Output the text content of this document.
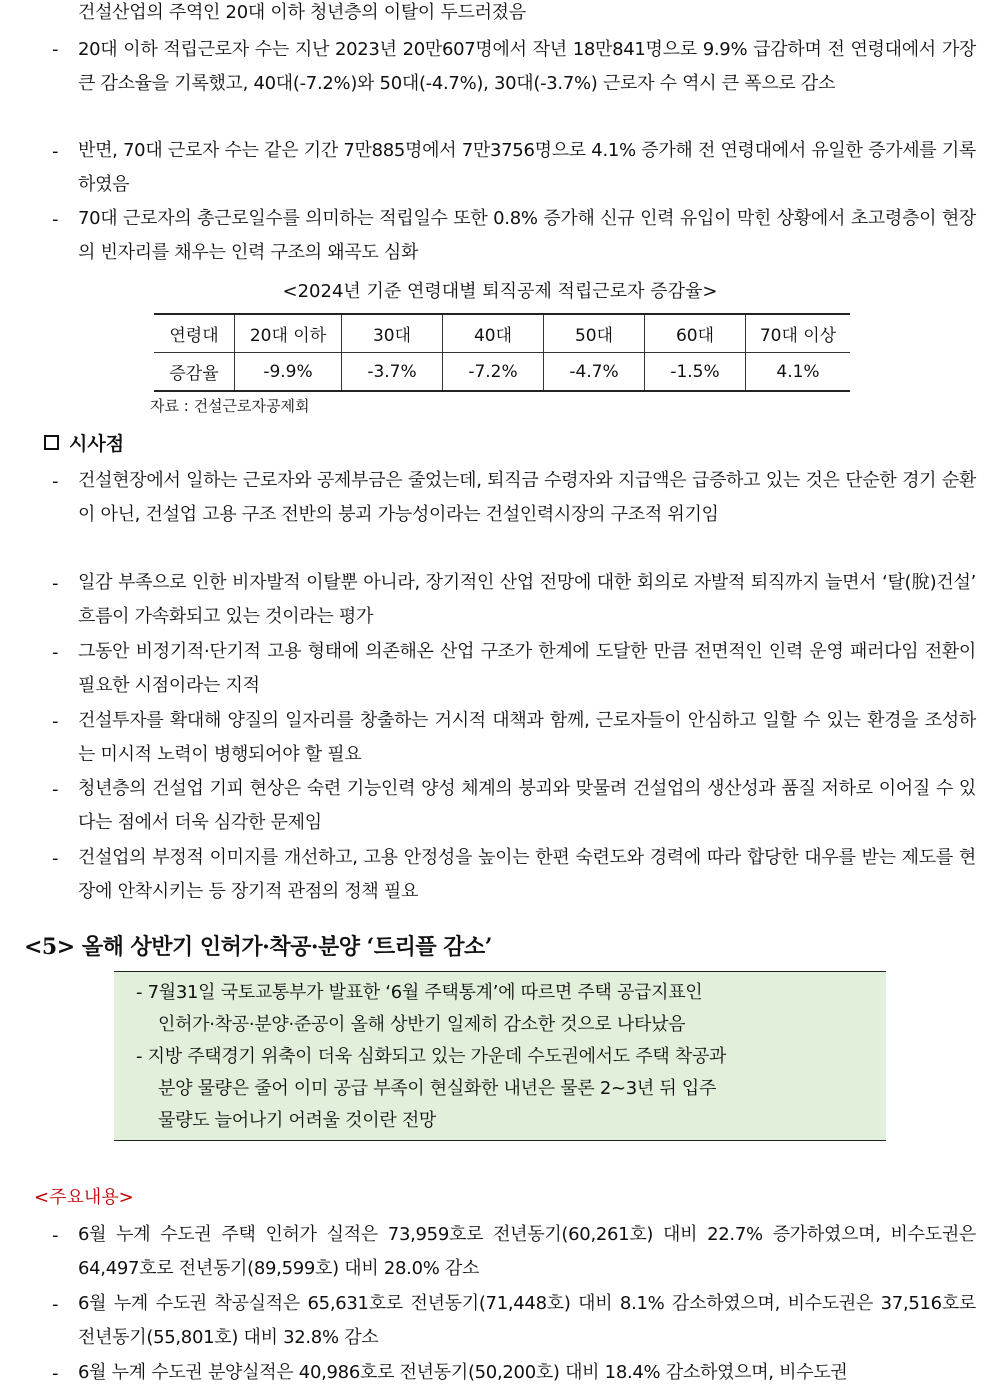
건설산업의 주역인 20대 이하 청년층의 이탈이 두드러졌음
- 20대 이하 적립근로자 수는 지난 2023년 20만607명에서 작년 18만841명으로 9.9% 급감하며 전 연령대에서 가장 큰 감소율을 기록했고, 40대(-7.2%)와 50대(-4.7%), 30대(-3.7%) 근로자 수 역시 큰 폭으로 감소
- 반면, 70대 근로자 수는 같은 기간 7만885명에서 7만3756명으로 4.1% 증가해 전 연령대에서 유일한 증가세를 기록하였음
- 70대 근로자의 총근로일수를 의미하는 적립일수 또한 0.8% 증가해 신규 인력 유입이 막힌 상황에서 초고령층이 현장의 빈자리를 채우는 인력 구조의 왜곡도 심화
<2024년 기준 연령대별 퇴직공제 적립근로자 증감율>
연령대	20대 이하	30대	40대	50대	60대	70대 이상
증감율	-9.9%	-3.7%	-7.2%	-4.7%	-1.5%	4.1%
자료 : 건설근로자공제회
시사점
- 건설현장에서 일하는 근로자와 공제부금은 줄었는데, 퇴직금 수령자와 지급액은 급증하고 있는 것은 단순한 경기 순환이 아닌, 건설업 고용 구조 전반의 붕괴 가능성이라는 건설인력시장의 구조적 위기임
- 일감 부족으로 인한 비자발적 이탈뿐 아니라, 장기적인 산업 전망에 대한 회의로 자발적 퇴직까지 늘면서 ‘탈(脫)건설’ 흐름이 가속화되고 있는 것이라는 평가
- 그동안 비정기적·단기적 고용 형태에 의존해온 산업 구조가 한계에 도달한 만큼 전면적인 인력 운영 패러다임 전환이 필요한 시점이라는 지적
- 건설투자를 확대해 양질의 일자리를 창출하는 거시적 대책과 함께, 근로자들이 안심하고 일할 수 있는 환경을 조성하는 미시적 노력이 병행되어야 할 필요
- 청년층의 건설업 기피 현상은 숙련 기능인력 양성 체계의 붕괴와 맞물려 건설업의 생산성과 품질 저하로 이어질 수 있다는 점에서 더욱 심각한 문제임
- 건설업의 부정적 이미지를 개선하고, 고용 안정성을 높이는 한편 숙련도와 경력에 따라 합당한 대우를 받는 제도를 현장에 안착시키는 등 장기적 관점의 정책 필요
<5> 올해 상반기 인허가·착공·분양 ‘트리플 감소’
- 7월31일 국토교통부가 발표한 ‘6월 주택통계’에 따르면 주택 공급지표인
인허가·착공·분양·준공이 올해 상반기 일제히 감소한 것으로 나타났음
- 지방 주택경기 위축이 더욱 심화되고 있는 가운데 수도권에서도 주택 착공과
분양 물량은 줄어 이미 공급 부족이 현실화한 내년은 물론 2~3년 뒤 입주
물량도 늘어나기 어려울 것이란 전망
<주요내용>
- 6월 누계 수도권 주택 인허가 실적은 73,959호로 전년동기(60,261호) 대비 22.7% 증가하였으며, 비수도권은 64,497호로 전년동기(89,599호) 대비 28.0% 감소
- 6월 누계 수도권 착공실적은 65,631호로 전년동기(71,448호) 대비 8.1% 감소하였으며, 비수도권은 37,516호로 전년동기(55,801호) 대비 32.8% 감소
- 6월 누계 수도권 분양실적은 40,986호로 전년동기(50,200호) 대비 18.4% 감소하였으며, 비수도권
